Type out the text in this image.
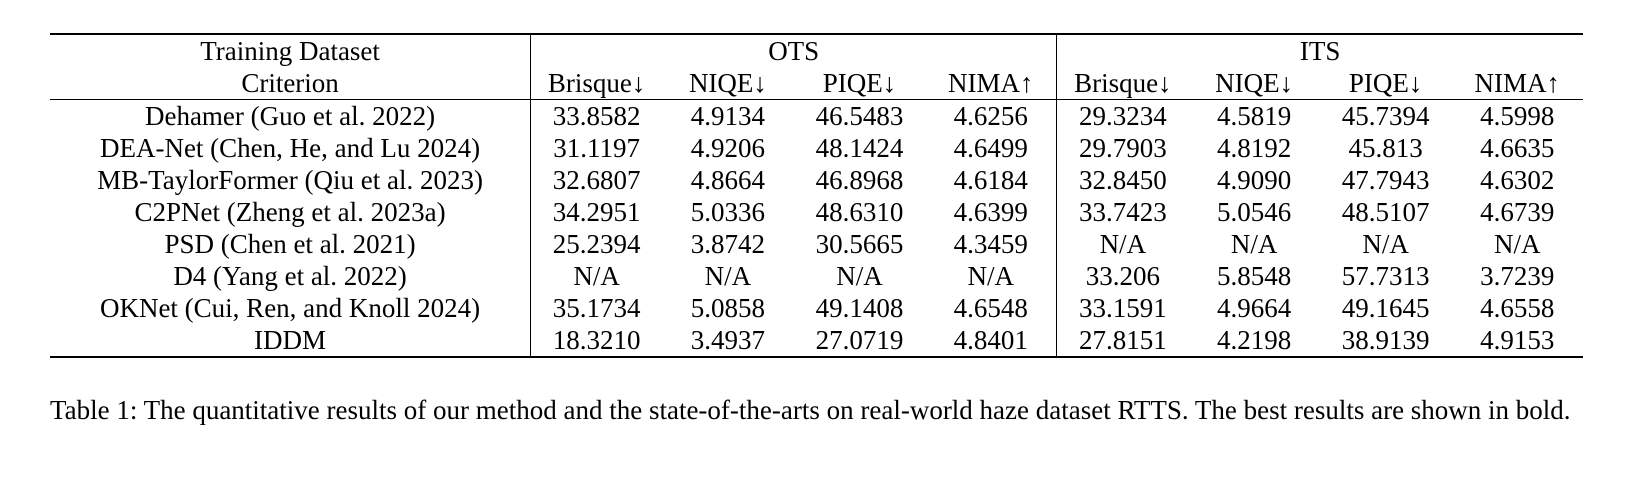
Training Dataset	OTS				ITS			
Criterion	Brisque↓	NIQE↓	PIQE↓	NIMA↑	Brisque↓	NIQE↓	PIQE↓	NIMA↑
Dehamer (Guo et al. 2022)	33.8582	4.9134	46.5483	4.6256	29.3234	4.5819	45.7394	4.5998
DEA-Net (Chen, He, and Lu 2024)	31.1197	4.9206	48.1424	4.6499	29.7903	4.8192	45.813	4.6635
MB-TaylorFormer (Qiu et al. 2023)	32.6807	4.8664	46.8968	4.6184	32.8450	4.9090	47.7943	4.6302
C2PNet (Zheng et al. 2023a)	34.2951	5.0336	48.6310	4.6399	33.7423	5.0546	48.5107	4.6739
PSD (Chen et al. 2021)	25.2394	3.8742	30.5665	4.3459	N/A	N/A	N/A	N/A
D4 (Yang et al. 2022)	N/A	N/A	N/A	N/A	33.206	5.8548	57.7313	3.7239
OKNet (Cui, Ren, and Knoll 2024)	35.1734	5.0858	49.1408	4.6548	33.1591	4.9664	49.1645	4.6558
IDDM	18.3210	3.4937	27.0719	4.8401	27.8151	4.2198	38.9139	4.9153
Table 1: The quantitative results of our method and the state-of-the-arts on real-world haze dataset RTTS. The best results are shown in bold.
